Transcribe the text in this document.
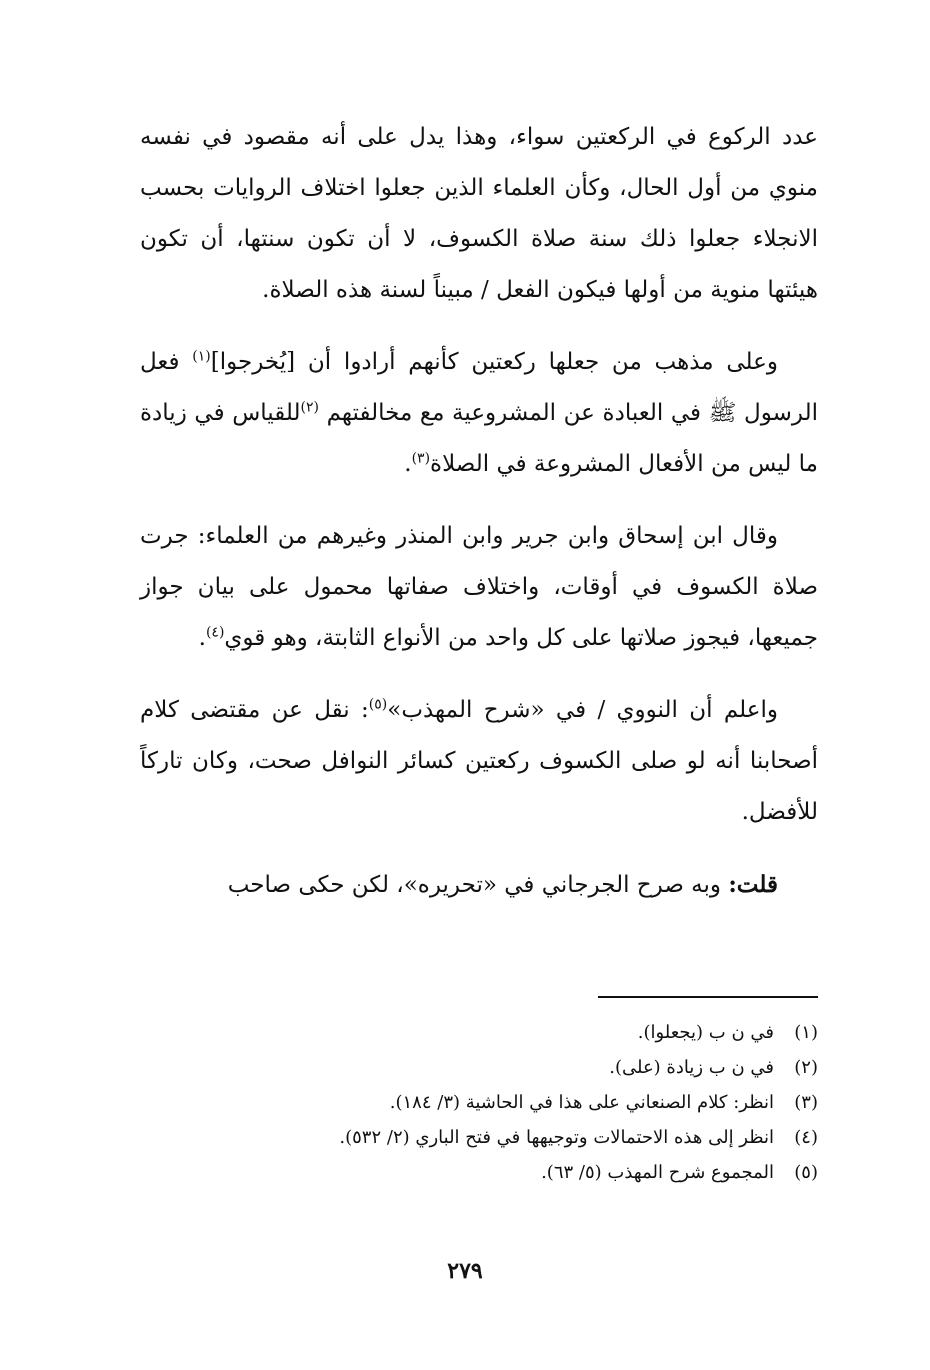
عدد الركوع في الركعتين سواء، وهذا يدل على أنه مقصود في نفسه منوي من أول الحال، وكأن العلماء الذين جعلوا اختلاف الروايات بحسب الانجلاء جعلوا ذلك سنة صلاة الكسوف، لا أن تكون سنتها، أن تكون هيئتها منوية من أولها فيكون الفعل / مبيناً لسنة هذه الصلاة.

وعلى مذهب من جعلها ركعتين كأنهم أرادوا أن [يُخرجوا]$^{(١)}$ فعل الرسول ﷺ في العبادة عن المشروعية مع مخالفتهم $^{(٢)}$للقياس في زيادة ما ليس من الأفعال المشروعة في الصلاة$^{(٣)}$.

وقال ابن إسحاق وابن جرير وابن المنذر وغيرهم من العلماء: جرت صلاة الكسوف في أوقات، واختلاف صفاتها محمول على بيان جواز جميعها، فيجوز صلاتها على كل واحد من الأنواع الثابتة، وهو قوي$^{(٤)}$.

واعلم أن النووي / في «شرح المهذب»$^{(٥)}$: نقل عن مقتضى كلام أصحابنا أنه لو صلى الكسوف ركعتين كسائر النوافل صحت، وكان تاركاً للأفضل.

قلت: وبه صرح الجرجاني في «تحريره»، لكن حكى صاحب

(١)في ن ب (يجعلوا).
(٢)في ن ب زيادة (على).
(٣)انظر: كلام الصنعاني على هذا في الحاشية (٣/ ١٨٤).
(٤)انظر إلى هذه الاحتمالات وتوجيهها في فتح الباري (٢/ ٥٣٢).
(٥)المجموع شرح المهذب (٥/ ٦٣).
٢٧٩
